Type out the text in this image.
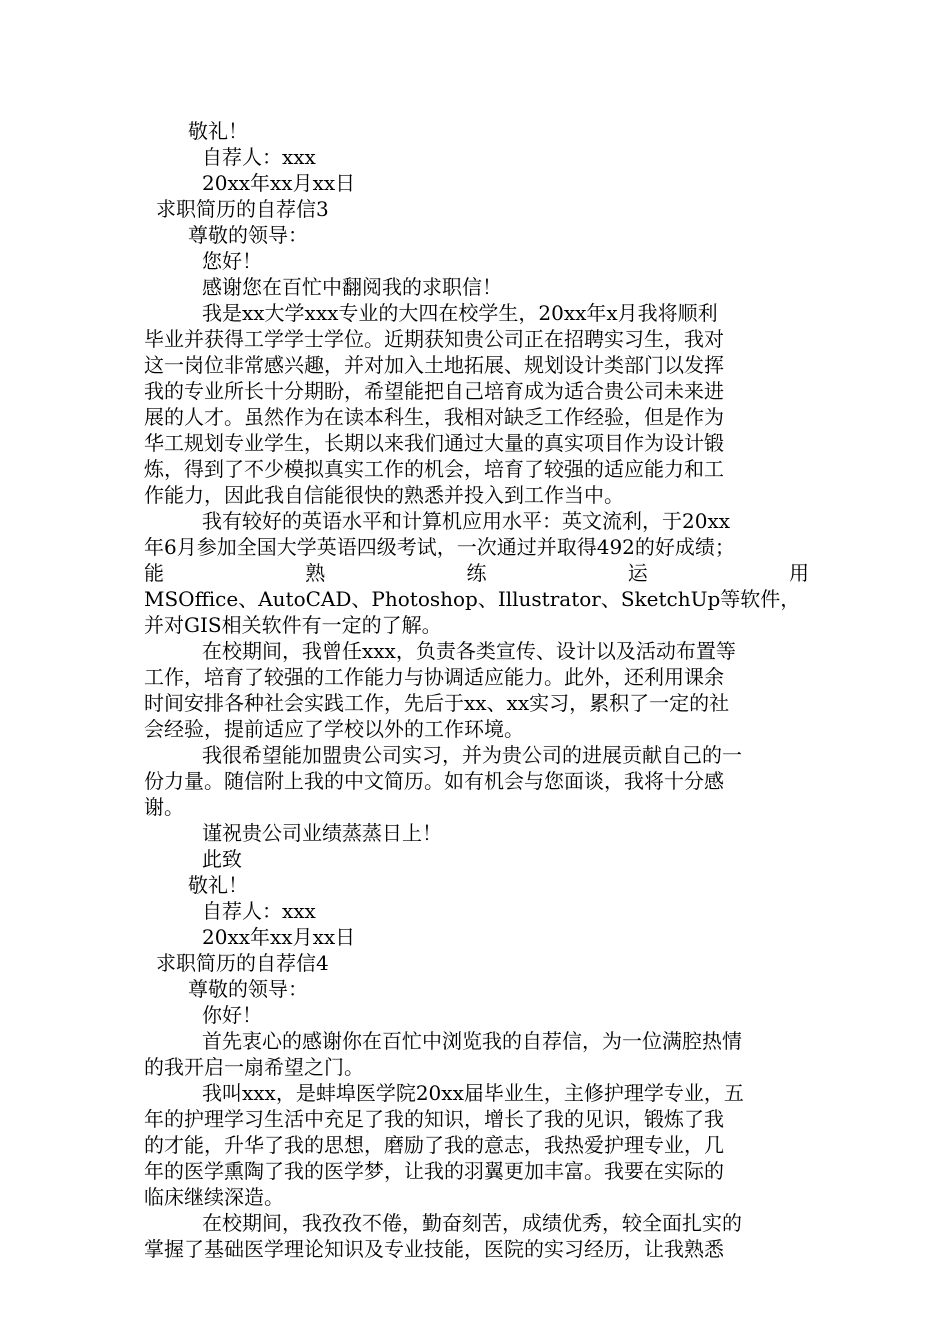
敬礼！
自荐人：xxx
20xx年xx月xx日
求职简历的自荐信3
尊敬的领导：
您好！
感谢您在百忙中翻阅我的求职信！
我是xx大学xxx专业的大四在校学生，20xx年x月我将顺利
毕业并获得工学学士学位。近期获知贵公司正在招聘实习生，我对
这一岗位非常感兴趣，并对加入土地拓展、规划设计类部门以发挥
我的专业所长十分期盼，希望能把自己培育成为适合贵公司未来进
展的人才。虽然作为在读本科生，我相对缺乏工作经验，但是作为
华工规划专业学生，长期以来我们通过大量的真实项目作为设计锻
炼，得到了不少模拟真实工作的机会，培育了较强的适应能力和工
作能力，因此我自信能很快的熟悉并投入到工作当中。
我有较好的英语水平和计算机应用水平：英文流利，于20xx
年6月参加全国大学英语四级考试，一次通过并取得492的好成绩；
能	熟	练	运	用
MSOffice、AutoCAD、Photoshop、Illustrator、SketchUp等软件，
并对GIS相关软件有一定的了解。
在校期间，我曾任xxx，负责各类宣传、设计以及活动布置等
工作，培育了较强的工作能力与协调适应能力。此外，还利用课余
时间安排各种社会实践工作，先后于xx、xx实习，累积了一定的社
会经验，提前适应了学校以外的工作环境。
我很希望能加盟贵公司实习，并为贵公司的进展贡献自己的一
份力量。随信附上我的中文简历。如有机会与您面谈，我将十分感
谢。
谨祝贵公司业绩蒸蒸日上！
此致
敬礼！
自荐人：xxx
20xx年xx月xx日
求职简历的自荐信4
尊敬的领导：
你好！
首先衷心的感谢你在百忙中浏览我的自荐信，为一位满腔热情
的我开启一扇希望之门。
我叫xxx，是蚌埠医学院20xx届毕业生，主修护理学专业，五
年的护理学习生活中充足了我的知识，增长了我的见识，锻炼了我
的才能，升华了我的思想，磨励了我的意志，我热爱护理专业，几
年的医学熏陶了我的医学梦，让我的羽翼更加丰富。我要在实际的
临床继续深造。
在校期间，我孜孜不倦，勤奋刻苦，成绩优秀，较全面扎实的
掌握了基础医学理论知识及专业技能，医院的实习经历，让我熟悉
